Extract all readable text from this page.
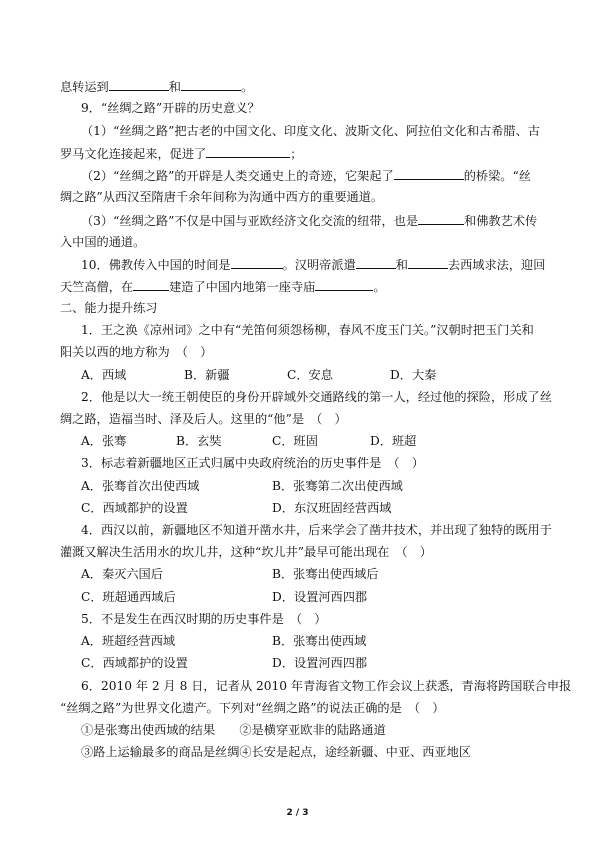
息转运到	和	。
9．“丝绸之路”开辟的历史意义？
（1）“丝绸之路”把古老的中国文化、印度文化、波斯文化、阿拉伯文化和古希腊、古
罗马文化连接起来，促进了	；
（2）“丝绸之路”的开辟是人类交通史上的奇迹，它架起了	的桥梁。“丝
绸之路”从西汉至隋唐千余年间称为沟通中西方的重要通道。
（3）“丝绸之路”不仅是中国与亚欧经济文化交流的纽带，也是	和佛教艺术传
入中国的通道。
10．佛教传入中国的时间是	。汉明帝派遣	和	去西域求法，迎回
天竺高僧，在	建造了中国内地第一座寺庙	。
二、能力提升练习
1．王之涣《凉州词》之中有“羌笛何须怨杨柳，春风不度玉门关。”汉朝时把玉门关和
阳关以西的地方称为　（　）
A．西域	B．新疆	C．安息	D．大秦
2．他是以大一统王朝使臣的身份开辟域外交通路线的第一人，经过他的探险，形成了丝
绸之路，造福当时、泽及后人。这里的“他”是　（　）
A．张骞	B．玄奘	C．班固	D．班超
3．标志着新疆地区正式归属中央政府统治的历史事件是　（　）
A．张骞首次出使西域	B．张骞第二次出使西域
C．西域都护的设置	D．东汉班固经营西域
4．西汉以前，新疆地区不知道开凿水井，后来学会了凿井技术，并出现了独特的既用于
灌溉又解决生活用水的坎儿井，这种“坎儿井”最早可能出现在　（　）
A．秦灭六国后	B．张骞出使西域后
C．班超通西域后	D．设置河西四郡
5．不是发生在西汉时期的历史事件是　（　）
A．班超经营西域	B．张骞出使西域
C．西域都护的设置	D．设置河西四郡
6．2010 年 2 月 8 日，记者从 2010 年青海省文物工作会议上获悉，青海将跨国联合申报
“丝绸之路”为世界文化遗产。下列对“丝绸之路”的说法正确的是　（　）
①是张骞出使西域的结果　　②是横穿亚欧非的陆路通道
③路上运输最多的商品是丝绸④长安是起点，途经新疆、中亚、西亚地区
2 / 3
